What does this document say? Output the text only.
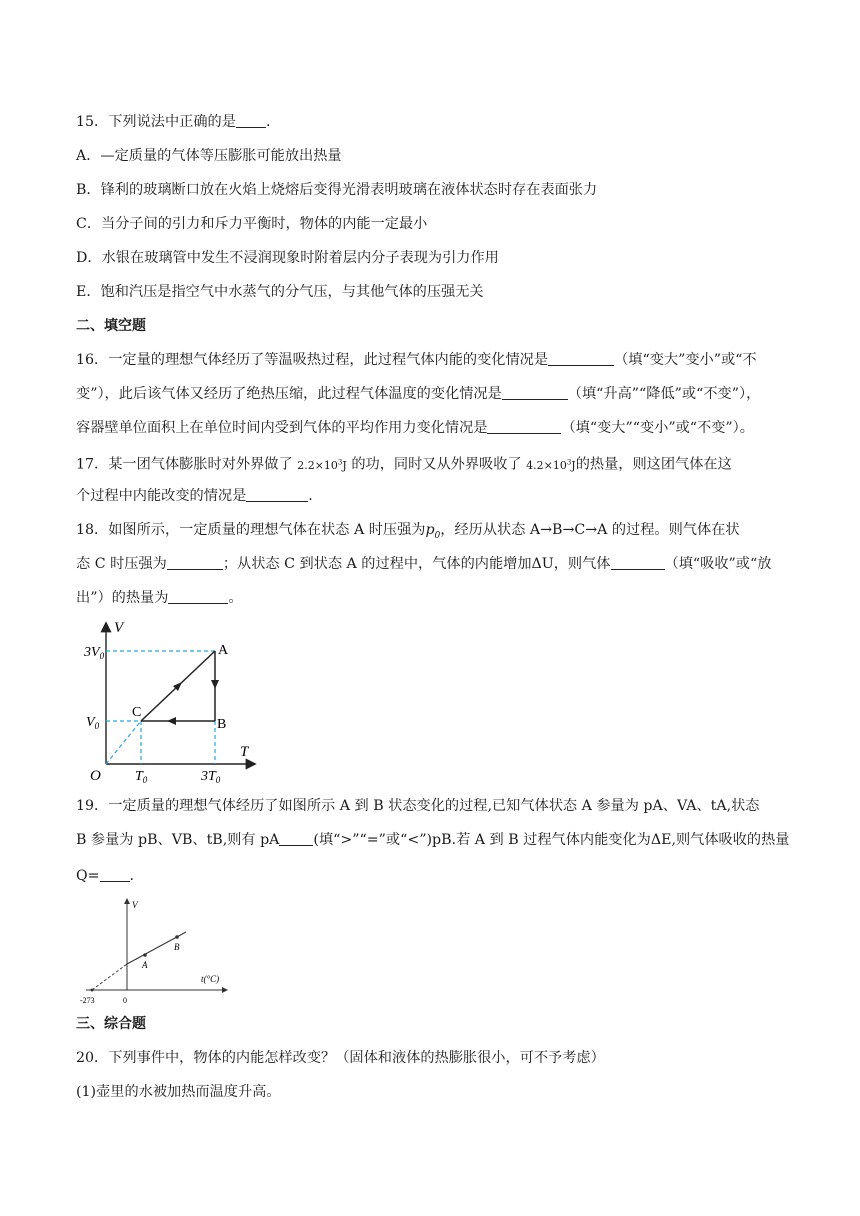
15．下列说法中正确的是 .
A．—定质量的气体等压膨胀可能放出热量
B．锋利的玻璃断口放在火焰上烧熔后变得光滑表明玻璃在液体状态时存在表面张力
C．当分子间的引力和斥力平衡时，物体的内能一定最小
D．水银在玻璃管中发生不浸润现象时附着层内分子表现为引力作用
E．饱和汽压是指空气中水蒸气的分气压，与其他气体的压强无关
二、填空题
16．一定量的理想气体经历了等温吸热过程，此过程气体内能的变化情况是	（填“变大”变小”或“不
变”），此后该气体又经历了绝热压缩，此过程气体温度的变化情况是	（填“升高”“降低”或“不变”），
容器壁单位面积上在单位时间内受到气体的平均作用力变化情况是	（填“变大”“变小”或“不变”）。
17．某一团气体膨胀时对外界做了 $2.2\times 10^3J$ 的功，同时又从外界吸收了 $4.2\times 10^3J$的热量，则这团气体在这
个过程中内能改变的情况是	.
18．如图所示，一定质量的理想气体在状态 A 时压强为$p_0$，经历从状态 A→B→C→A 的过程。则气体在状
态 C 时压强为	；从状态 C 到状态 A 的过程中，气体的内能增加ΔU，则气体	（填“吸收”或“放
出”）的热量为	。
V
T
O
$3V_0$
$V_0$
$T_0$	$3T_0$
A
B
C
19．一定质量的理想气体经历了如图所示 A 到 B 状态变化的过程,已知气体状态 A 参量为 pA、VA、tA,状态
B 参量为 pB、VB、tB,则有 pA (填“>”“=”或“<”)pB.若 A 到 B 过程气体内能变化为ΔE,则气体吸收的热量
Q= .
V
t(°C)
A
B
-273	0
三、综合题
20．下列事件中，物体的内能怎样改变？（固体和液体的热膨胀很小，可不予考虑）
(1)壶里的水被加热而温度升高。
